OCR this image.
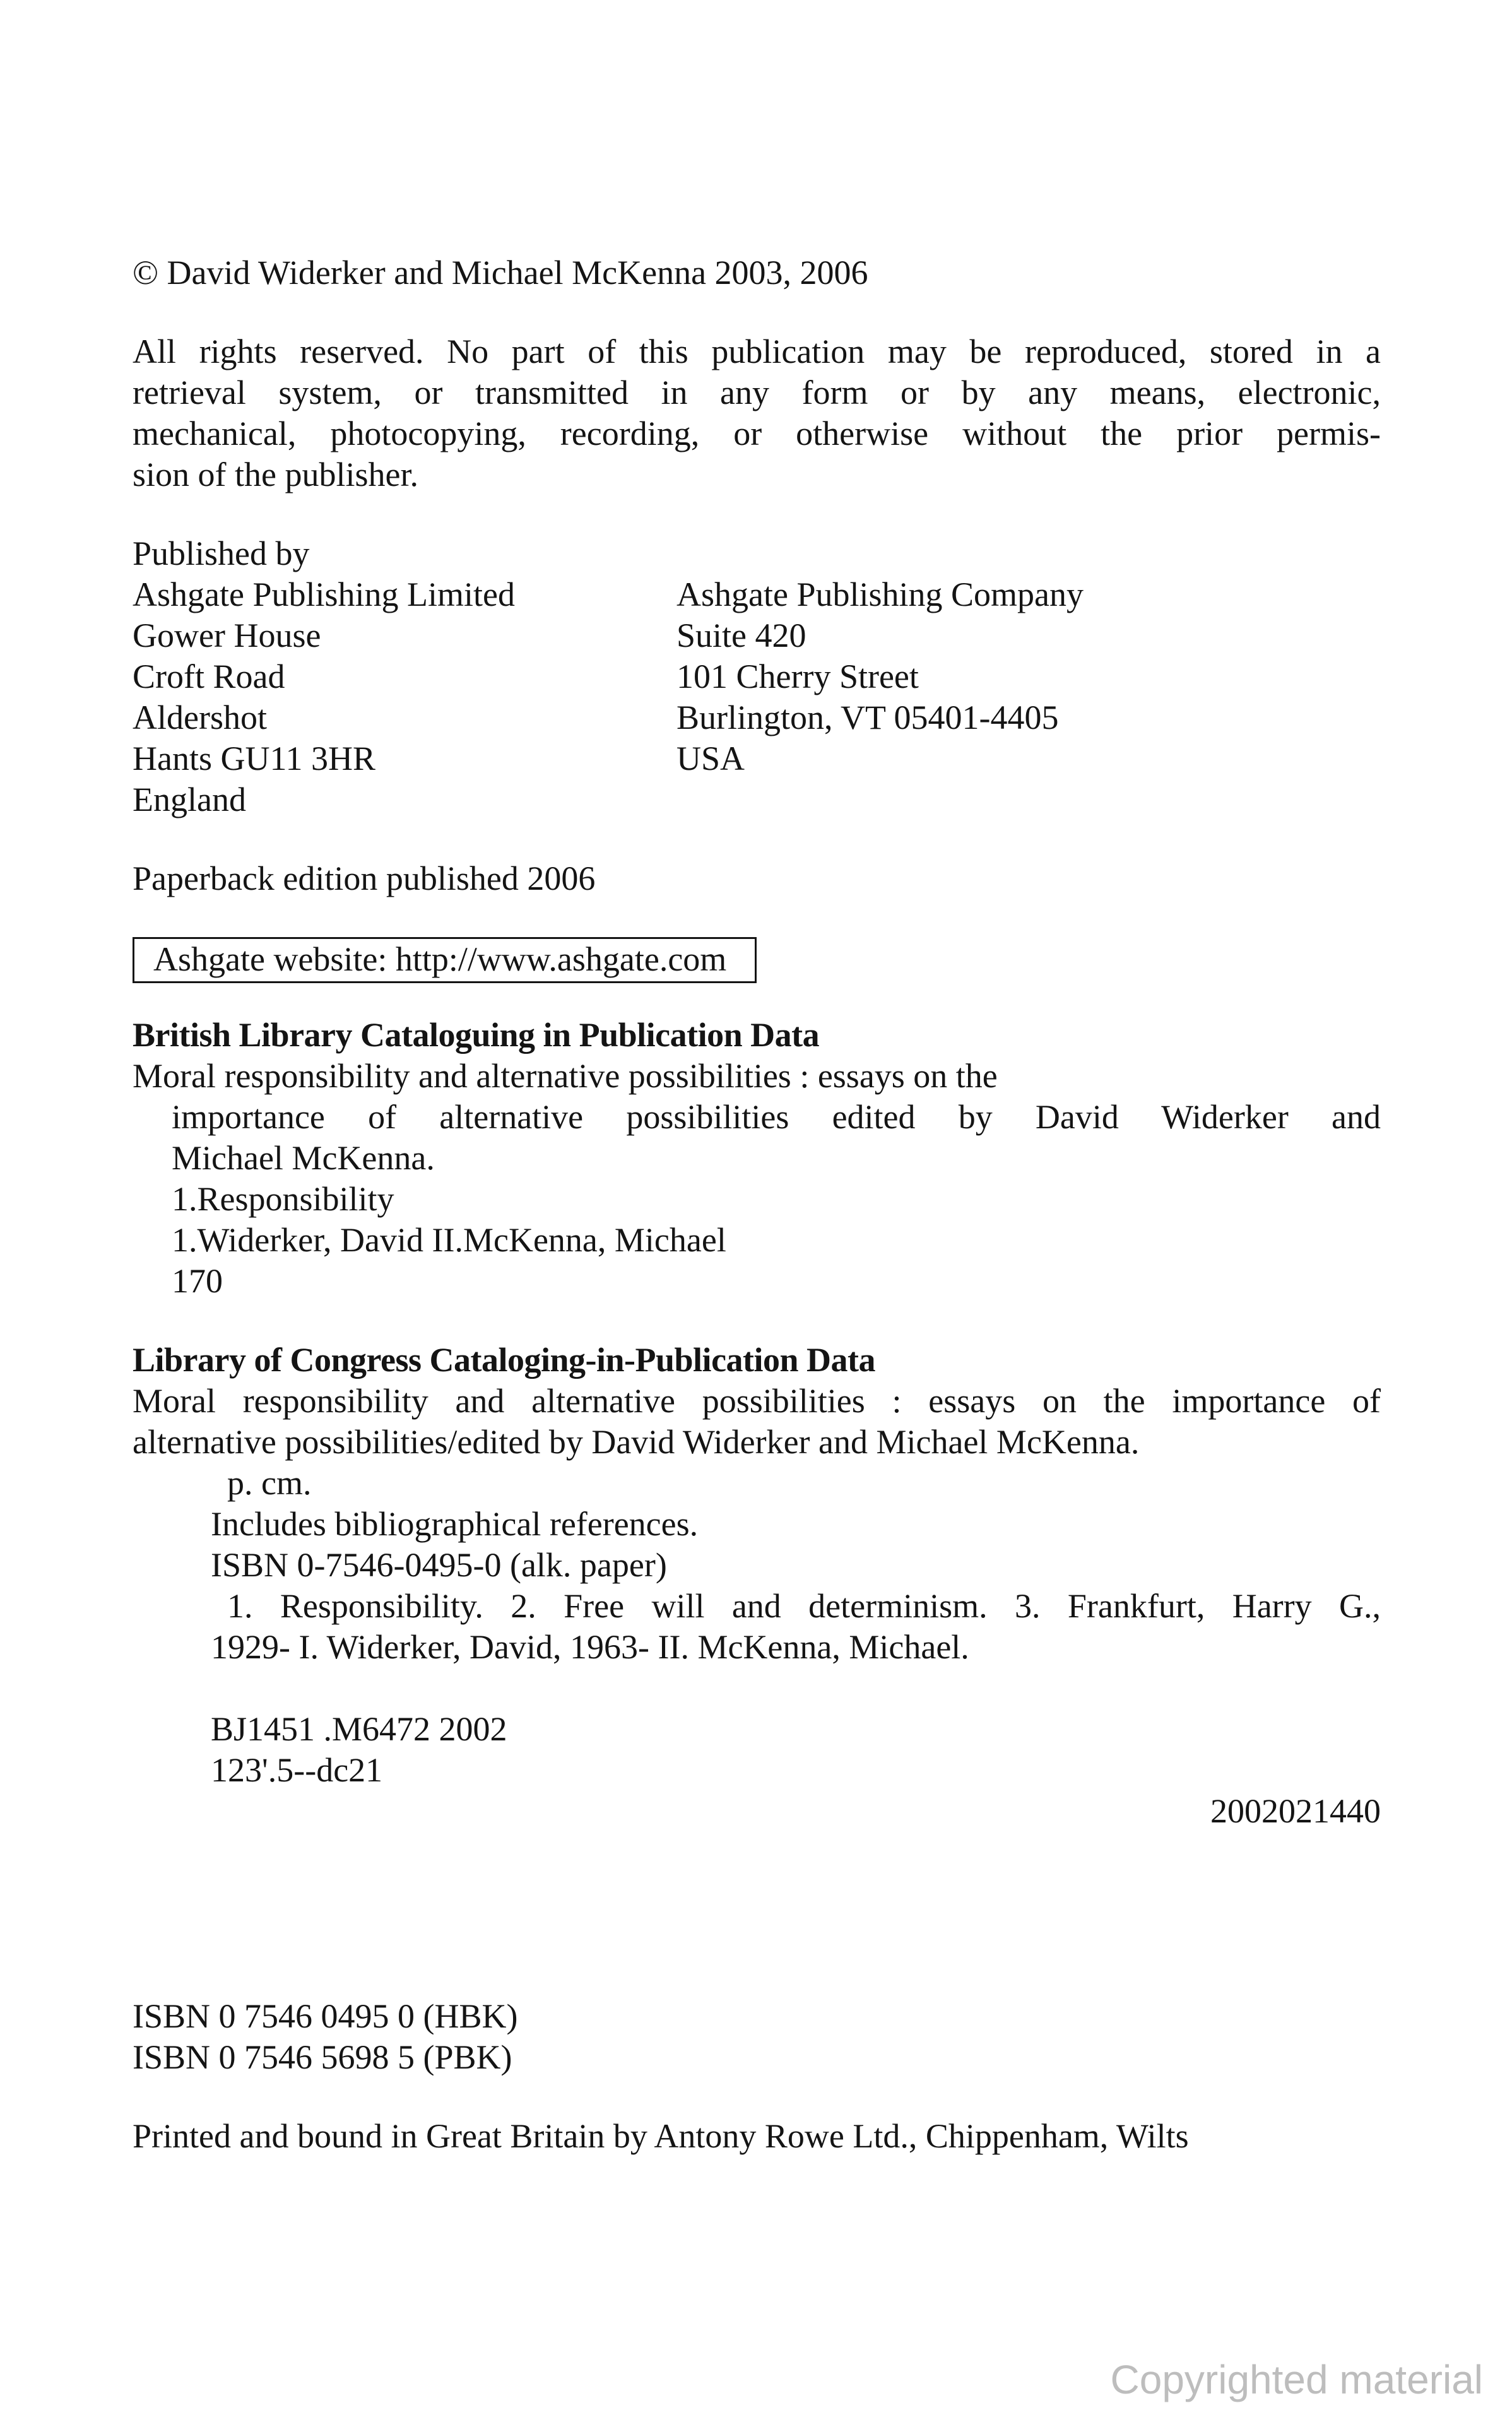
© David Widerker and Michael McKenna 2003, 2006

All rights reserved. No part of this publication may be reproduced, stored in a

retrieval system, or transmitted in any form or by any means, electronic,

mechanical, photocopying, recording, or otherwise without the prior permis-

sion of the publisher.

Published by

Ashgate Publishing Limited

Gower House

Croft Road

Aldershot

Hants GU11 3HR

England

Ashgate Publishing Company

Suite 420

101 Cherry Street

Burlington, VT 05401-4405

USA

Paperback edition published 2006

Ashgate website: http://www.ashgate.com

British Library Cataloguing in Publication Data

Moral responsibility and alternative possibilities : essays on the

importance of alternative possibilities edited by David Widerker and

Michael McKenna.

1.Responsibility

1.Widerker, David II.McKenna, Michael

170

Library of Congress Cataloging-in-Publication Data

Moral responsibility and alternative possibilities : essays on the importance of

alternative possibilities/edited by David Widerker and Michael McKenna.

p. cm.

Includes bibliographical references.

ISBN 0-7546-0495-0 (alk. paper)

1. Responsibility. 2. Free will and determinism. 3. Frankfurt, Harry G.,

1929- I. Widerker, David, 1963- II. McKenna, Michael.

BJ1451 .M6472 2002

123'.5--dc21

2002021440

ISBN 0 7546 0495 0 (HBK)

ISBN 0 7546 5698 5 (PBK)

Printed and bound in Great Britain by Antony Rowe Ltd., Chippenham, Wilts

Copyrighted material
